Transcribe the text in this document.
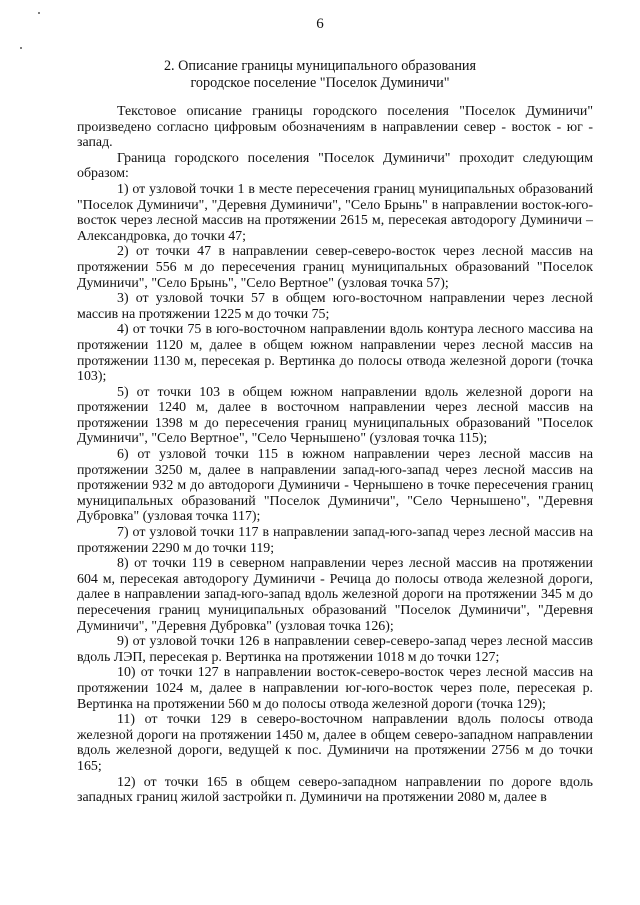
6
2. Описание границы муниципального образования
городское поселение "Поселок Думиничи"

Текстовое описание границы городского поселения "Поселок Думиничи" произведено согласно цифровым обозначениям в направлении север - восток - юг - запад.

Граница городского поселения "Поселок Думиничи" проходит следующим образом:

1) от узловой точки 1 в месте пересечения границ муниципальных образований "Поселок Думиничи", "Деревня Думиничи", "Село Брынь" в направлении восток-юго-восток через лесной массив на протяжении 2615 м, пересекая автодорогу Думиничи – Александровка, до точки 47;

2) от точки 47 в направлении север-северо-восток через лесной массив на протяжении 556 м до пересечения границ муниципальных образований "Поселок Думиничи", "Село Брынь", "Село Вертное" (узловая точка 57);

3) от узловой точки 57 в общем юго-восточном направлении через лесной массив на протяжении 1225 м до точки 75;

4) от точки 75 в юго-восточном направлении вдоль контура лесного массива на протяжении 1120 м, далее в общем южном направлении через лесной массив на протяжении 1130 м, пересекая р. Вертинка до полосы отвода железной дороги (точка 103);

5) от точки 103 в общем южном направлении вдоль железной дороги на протяжении 1240 м, далее в восточном направлении через лесной массив на протяжении 1398 м до пересечения границ муниципальных образований "Поселок Думиничи", "Село Вертное", "Село Чернышено" (узловая точка 115);

6) от узловой точки 115 в южном направлении через лесной массив на протяжении 3250 м, далее в направлении запад-юго-запад через лесной массив на протяжении 932 м до автодороги Думиничи - Чернышено в точке пересечения границ муниципальных образований "Поселок Думиничи", "Село Чернышено", "Деревня Дубровка" (узловая точка 117);

7) от узловой точки 117 в направлении запад-юго-запад через лесной массив на протяжении 2290 м до точки 119;

8) от точки 119 в северном направлении через лесной массив на протяжении 604 м, пересекая автодорогу Думиничи - Речица до полосы отвода железной дороги, далее в направлении запад-юго-запад вдоль железной дороги на протяжении 345 м до пересечения границ муниципальных образований "Поселок Думиничи", "Деревня Думиничи", "Деревня Дубровка" (узловая точка 126);

9) от узловой точки 126 в направлении север-северо-запад через лесной массив вдоль ЛЭП, пересекая р. Вертинка на протяжении 1018 м до точки 127;

10) от точки 127 в направлении восток-северо-восток через лесной массив на протяжении 1024 м, далее в направлении юг-юго-восток через поле, пересекая р. Вертинка на протяжении 560 м до полосы отвода железной дороги (точка 129);

11) от точки 129 в северо-восточном направлении вдоль полосы отвода железной дороги на протяжении 1450 м, далее в общем северо-западном направлении вдоль железной дороги, ведущей к пос. Думиничи на протяжении 2756 м до точки 165;

12) от точки 165 в общем северо-западном направлении по дороге вдоль западных границ жилой застройки п. Думиничи на протяжении 2080 м, далее в
